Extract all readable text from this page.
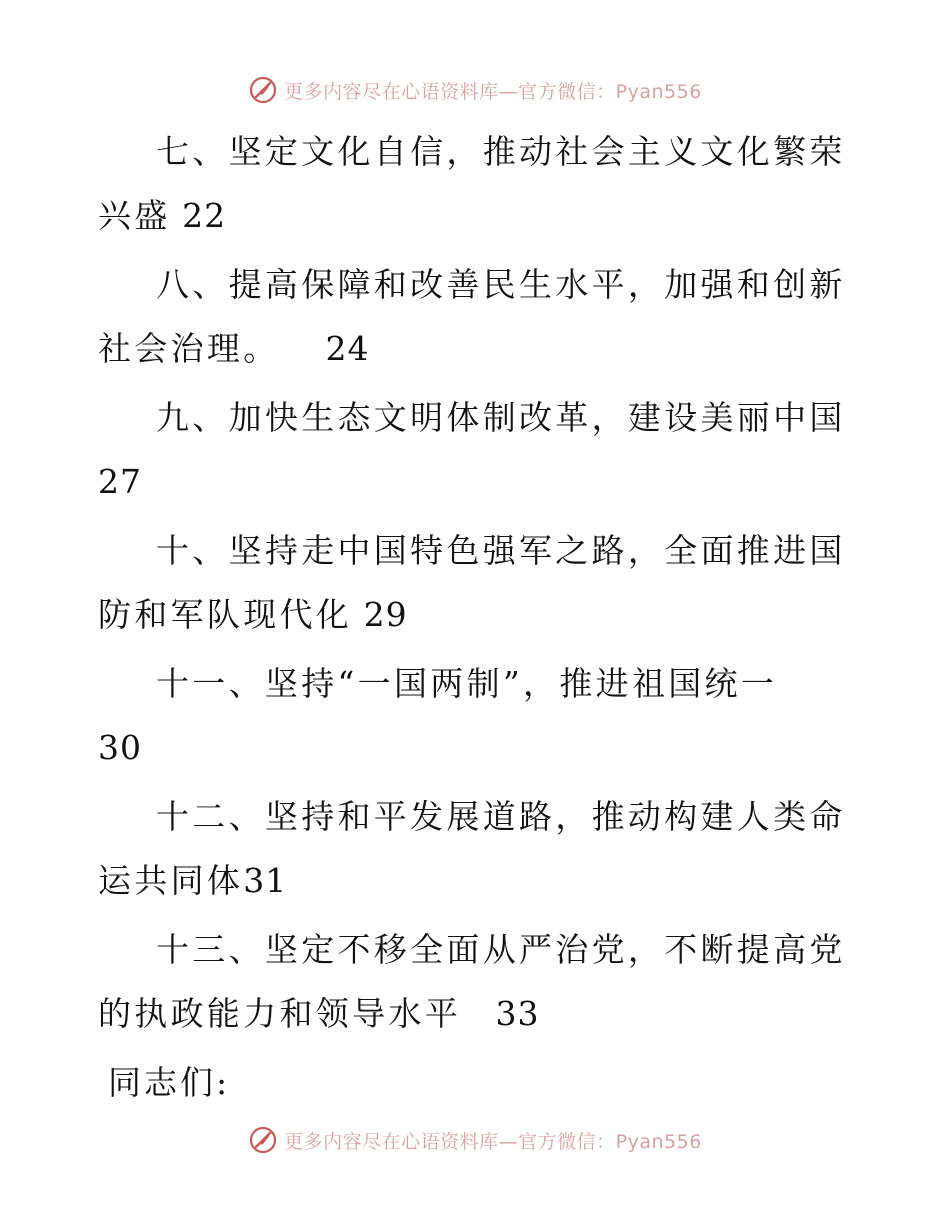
更多内容尽在心语资料库—官方微信：Pyan556

七、坚定文化自信，推动社会主义文化繁荣兴盛 22

八、提高保障和改善民生水平，加强和创新社会治理。    24

九、加快生态文明体制改革，建设美丽中国
27

十、坚持走中国特色强军之路，全面推进国防和军队现代化 29

十一、坚持“一国两制”，推进祖国统一
30

十二、坚持和平发展道路，推动构建人类命运共同体31

十三、坚定不移全面从严治党，不断提高党的执政能力和领导水平   33

同志们:

更多内容尽在心语资料库—官方微信：Pyan556
